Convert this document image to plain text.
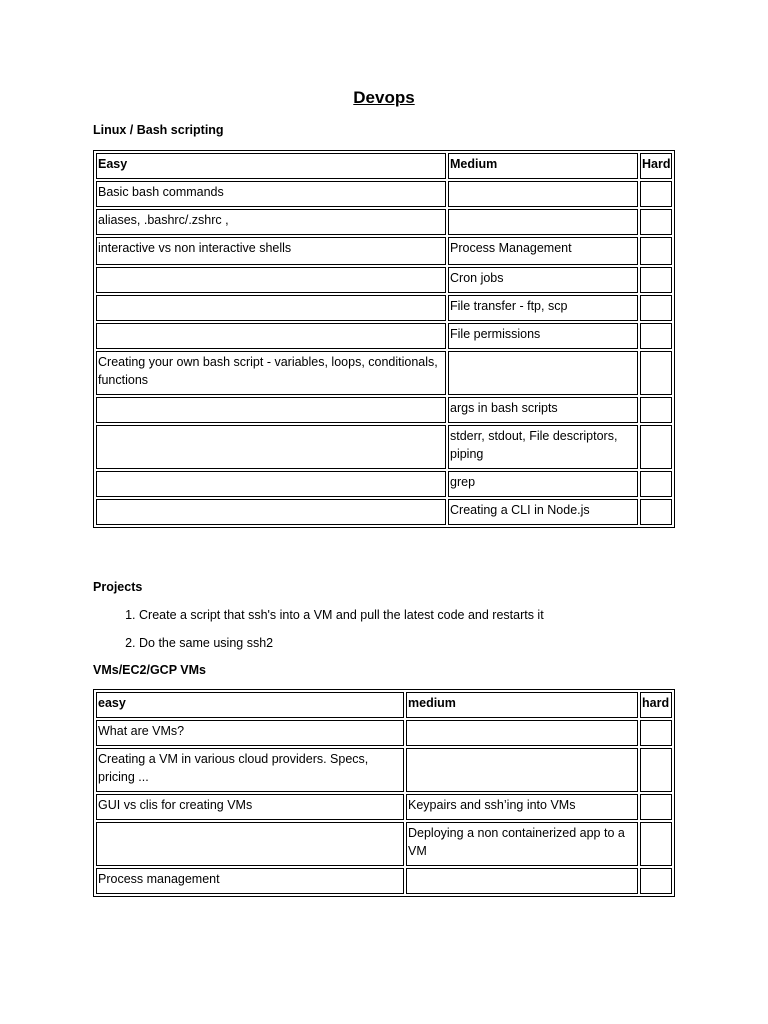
Devops
Linux / Bash scripting
Easy	Medium	Hard
Basic bash commands		
aliases, .bashrc/.zshrc ,		
interactive vs non interactive shells	Process Management	
	Cron jobs	
	File transfer - ftp, scp	
	File permissions	
Creating your own bash script - variables, loops, conditionals, functions		
	args in bash scripts	
	stderr, stdout, File descriptors, piping	
	grep	
	Creating a CLI in Node.js	
Projects
1. Create a script that ssh's into a VM and pull the latest code and restarts it
2. Do the same using ssh2
VMs/EC2/GCP VMs
easy	medium	hard
What are VMs?		
Creating a VM in various cloud providers. Specs, pricing ...		
GUI vs clis for creating VMs	Keypairs and ssh’ing into VMs	
	Deploying a non containerized app to a VM	
Process management		
